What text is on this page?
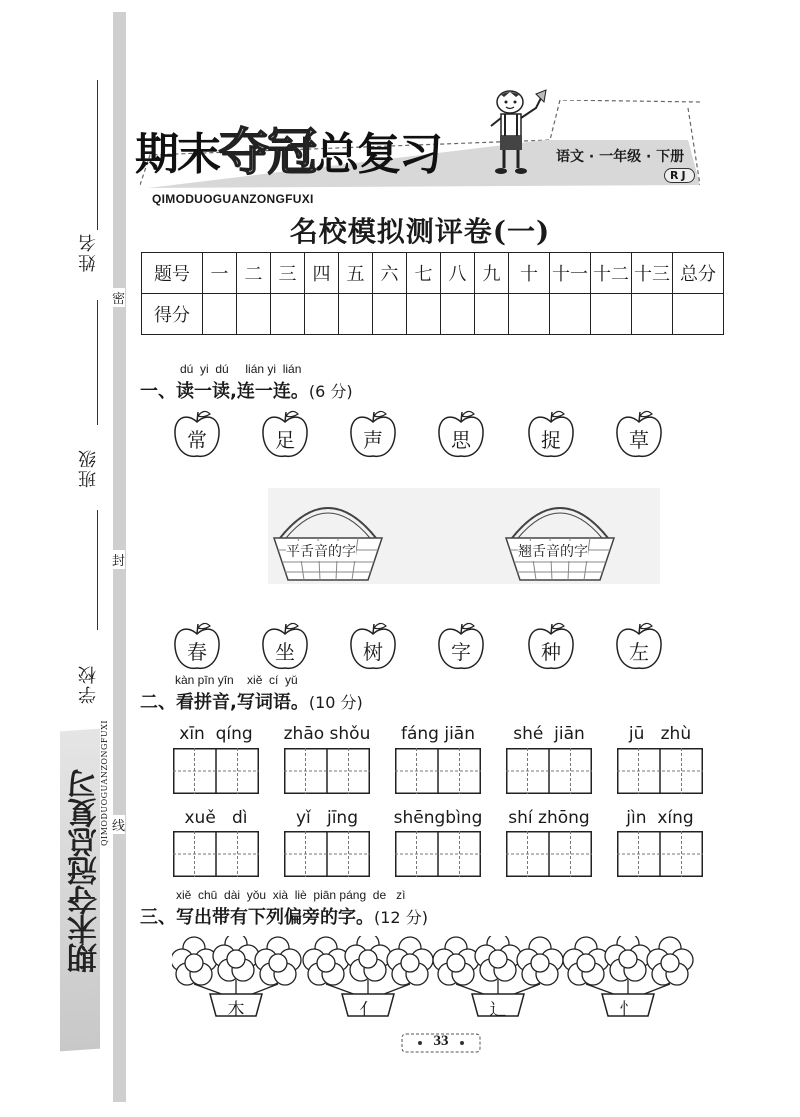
姓名
密
班级
封
学校
线
期末夺冠总复习
QIMODUOGUANZONGFUXI
期末夺冠总复习	语文 · 一年级 · 下册
RJ
QIMODUOGUANZONGFUXI
名校模拟测评卷(一)
题号	一	二	三	四	五	六	七	八	九	十	十一	十二	十三	总分
得分														
dú  yi  dú     lián yi  lián
一、读一读,连一连。(6 分)
常	足	声	思	捉	草
平舌音的字	翘舌音的字
春	坐	树	字	种	左
kàn pīn yīn    xiě  cí  yǔ
二、看拼音,写词语。(10 分)
xīn  qíng	zhāo shǒu	fáng jiān	shé  jiān	jū   zhù
xuě   dì	yǐ   jīng	shēngbìng	shí zhōng	jìn  xíng
xiě  chū  dài  yǒu  xià  liè  piān páng  de   zì
三、写出带有下列偏旁的字。(12 分)
木	亻	辶	忄
33
